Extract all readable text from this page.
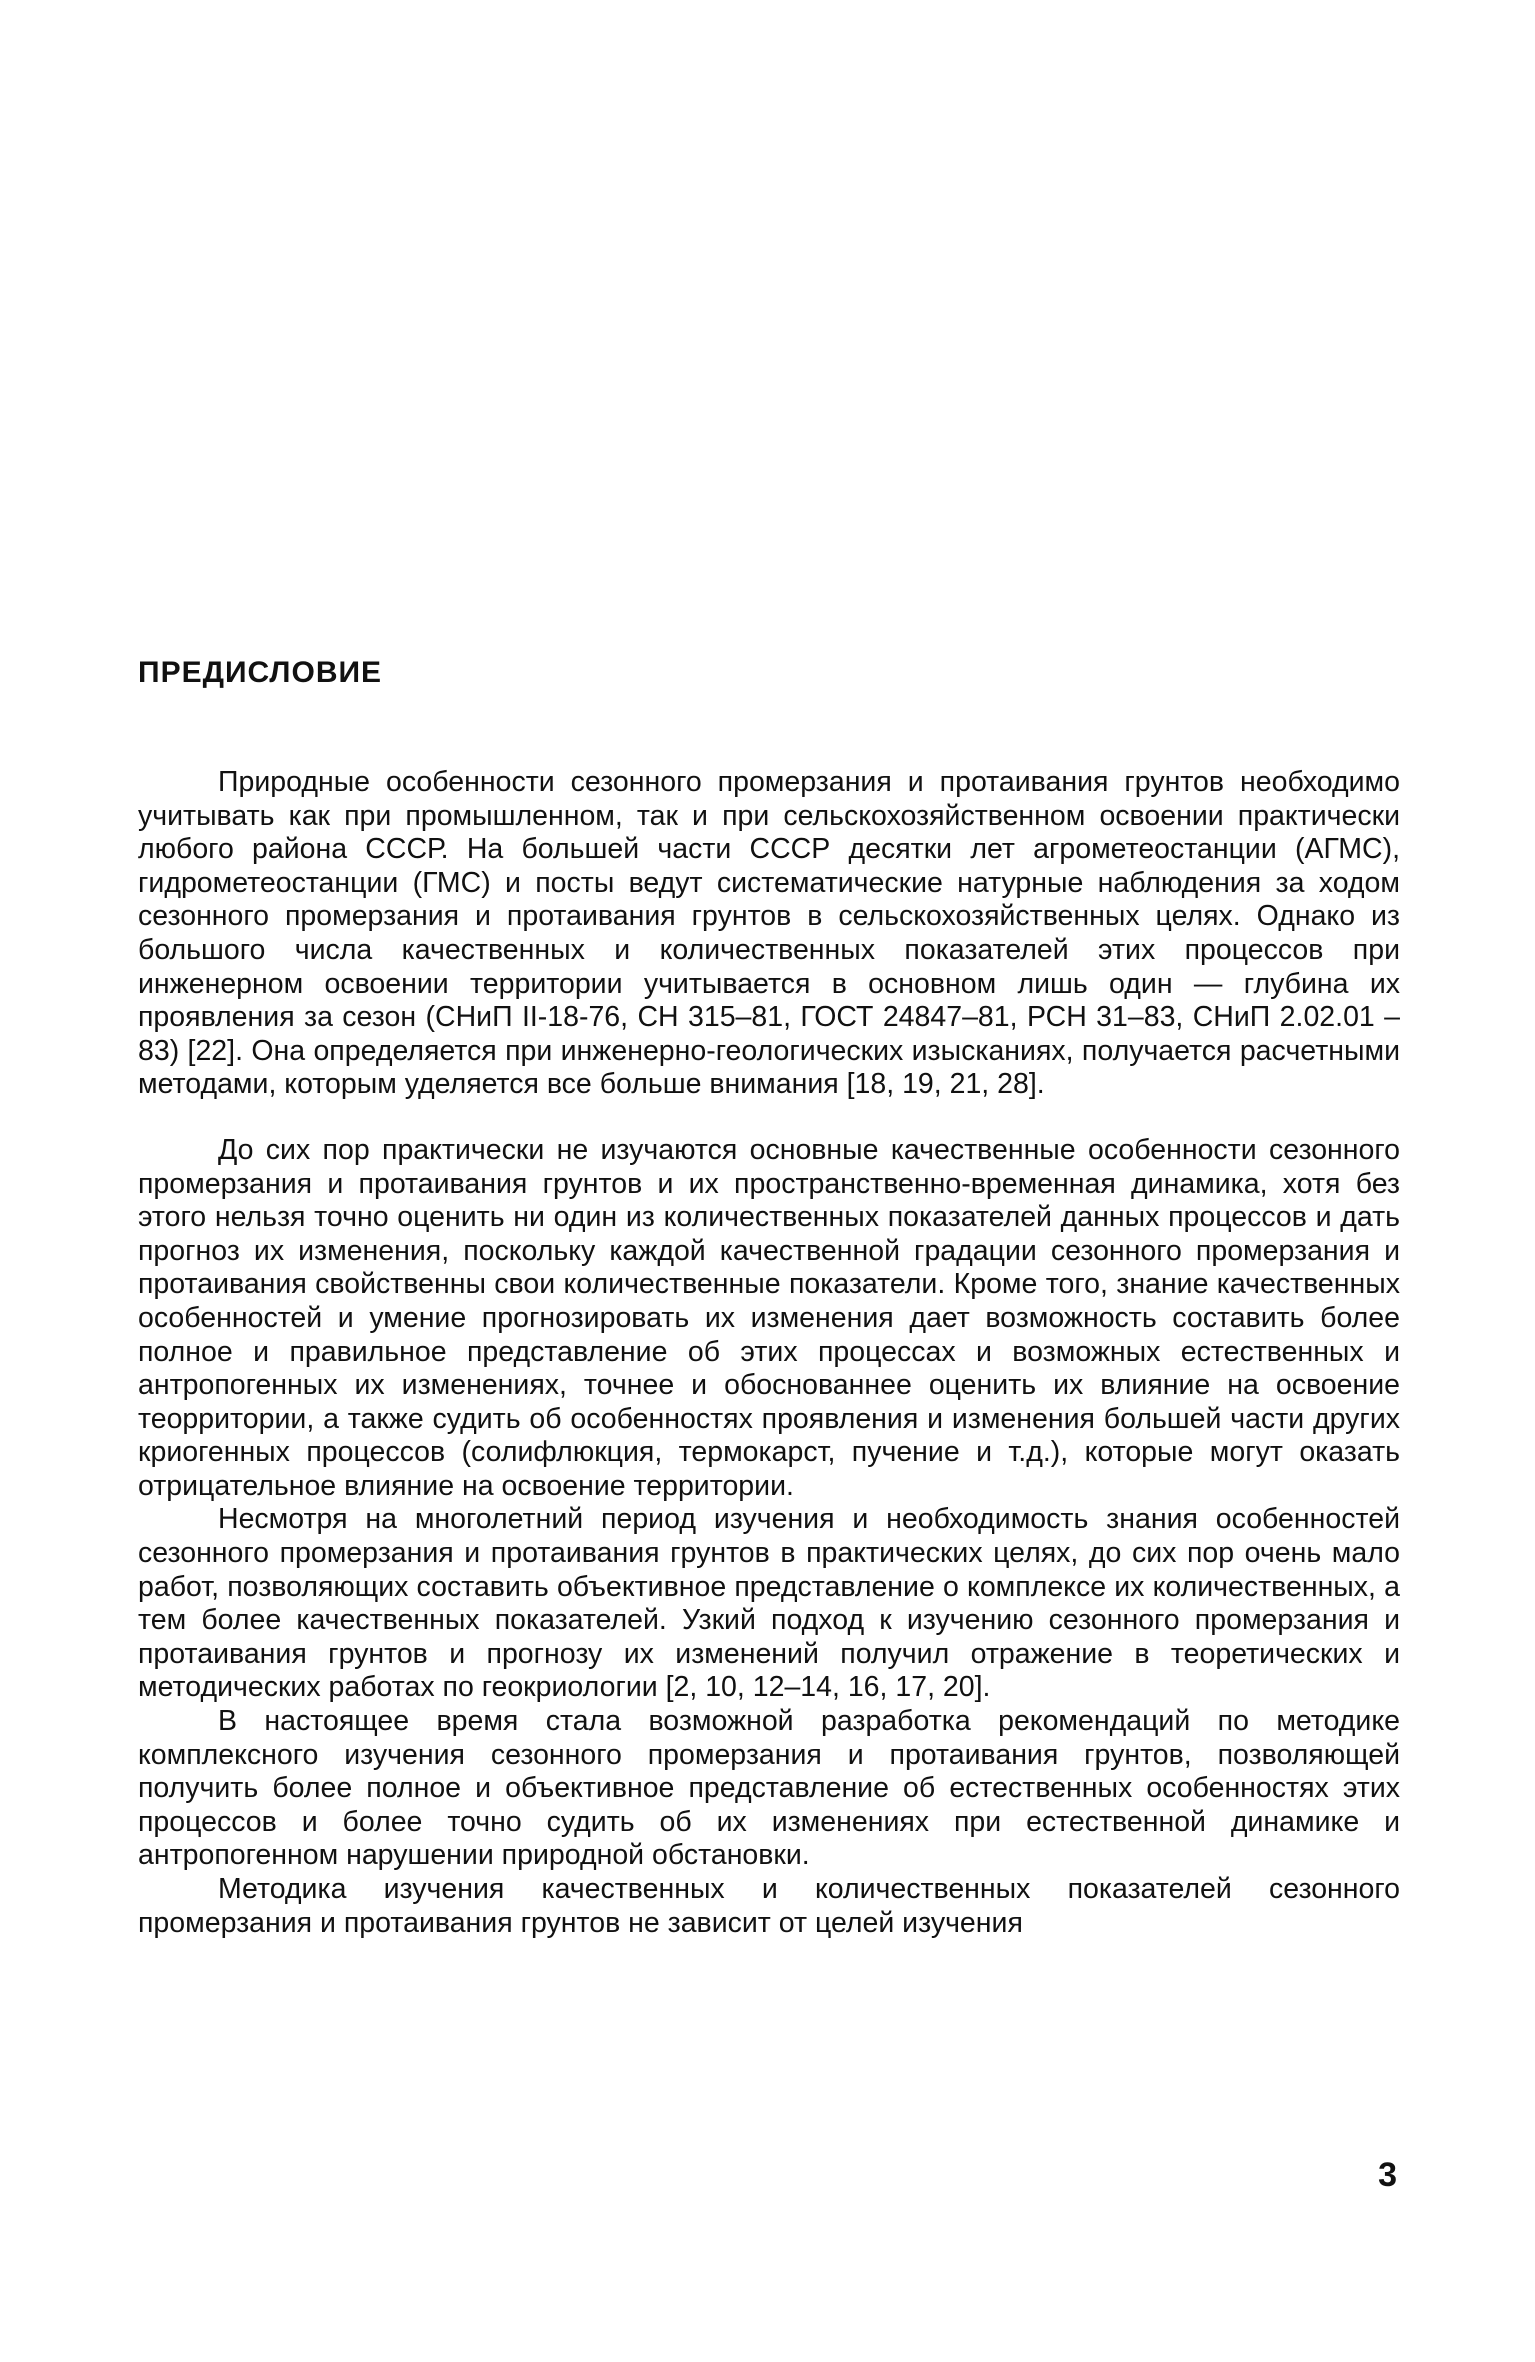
ПРЕДИСЛОВИЕ

Природные особенности сезонного промерзания и протаивания грунтов необходимо учитывать как при промышленном, так и при сельскохозяйственном освоении практически любого района СССР. На большей части СССР десятки лет агрометеостанции (АГМС), гидрометеостанции (ГМС) и посты ведут систематические натурные наблюдения за ходом сезонного промерзания и протаивания грунтов в сельскохозяйственных целях. Однако из большого числа качественных и количественных показателей этих процессов при инженерном освоении территории учитывается в основном лишь один — глубина их проявления за сезон (СНиП II-18-76, СН 315–81, ГОСТ 24847–81, РСН 31–83, СНиП 2.02.01 –83) [22]. Она определяется при инженерно-геологических изысканиях, получается расчетными методами, которым уделяется все больше внимания [18, 19, 21, 28].

До сих пор практически не изучаются основные качественные особенности сезонного промерзания и протаивания грунтов и их пространственно-временная динамика, хотя без этого нельзя точно оценить ни один из количественных показателей данных процессов и дать прогноз их изменения, поскольку каждой качественной градации сезонного промерзания и протаивания свойственны свои количественные показатели. Кроме того, знание качественных особенностей и умение прогнозировать их изменения дает возможность составить более полное и правильное представление об этих процессах и возможных естественных и антропогенных их изменениях, точнее и обоснованнее оценить их влияние на освоение теорритории, а также судить об особенностях проявления и изменения большей части других криогенных процессов (солифлюкция, термокарст, пучение и т.д.), которые могут оказать отрицательное влияние на освоение территории.

Несмотря на многолетний период изучения и необходимость знания особенностей сезонного промерзания и протаивания грунтов в практических целях, до сих пор очень мало работ, позволяющих составить объективное представление о комплексе их количественных, а тем более качественных показателей. Узкий подход к изучению сезонного промерзания и протаивания грунтов и прогнозу их изменений получил отражение в теоретических и методических работах по геокриологии [2, 10, 12–14, 16, 17, 20].

В настоящее время стала возможной разработка рекомендаций по методике комплексного изучения сезонного промерзания и протаивания грунтов, позволяющей получить более полное и объективное представление об естественных особенностях этих процессов и более точно судить об их изменениях при естественной динамике и антропогенном нарушении природной обстановки.

Методика изучения качественных и количественных показателей сезонного промерзания и протаивания грунтов не зависит от целей изучения

3
